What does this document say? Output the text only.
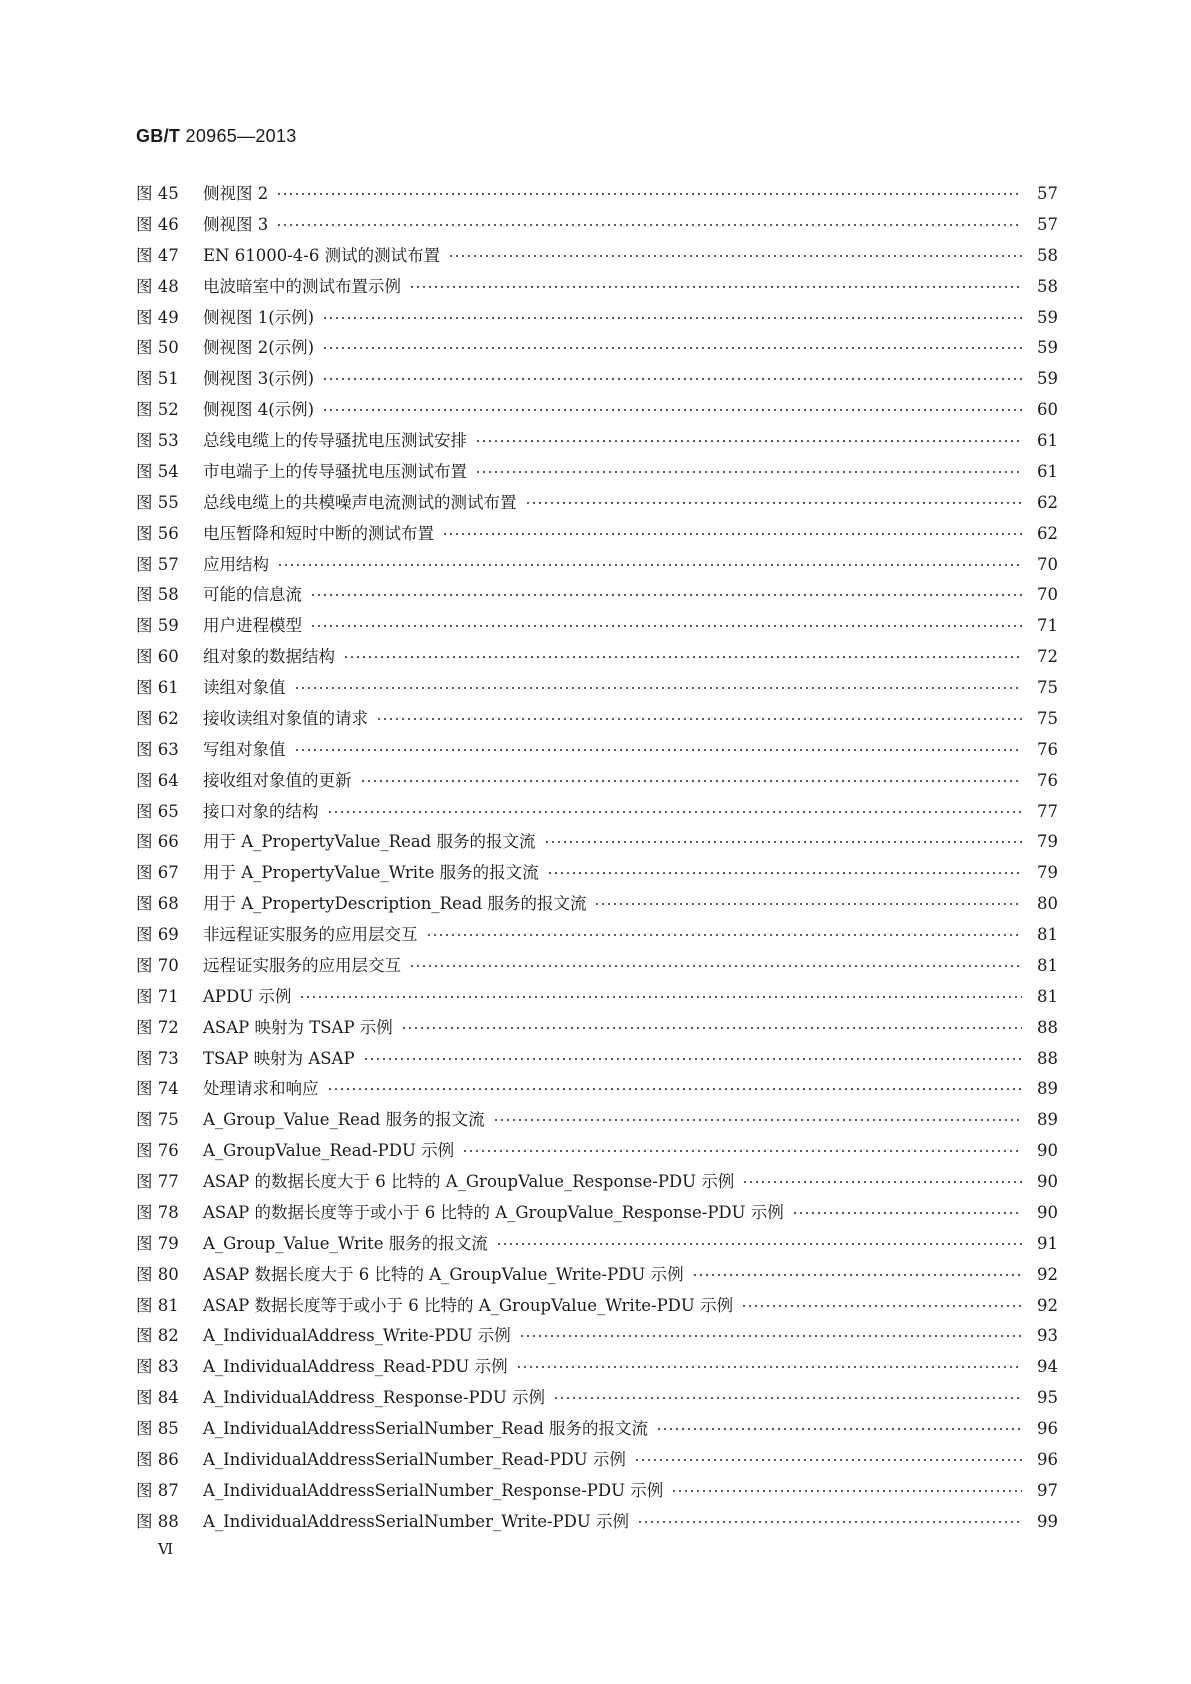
GB/T 20965—2013
图 45	侧视图 2	57
图 46	侧视图 3	57
图 47	EN 61000-4-6 测试的测试布置	58
图 48	电波暗室中的测试布置示例	58
图 49	侧视图 1(示例)	59
图 50	侧视图 2(示例)	59
图 51	侧视图 3(示例)	59
图 52	侧视图 4(示例)	60
图 53	总线电缆上的传导骚扰电压测试安排	61
图 54	市电端子上的传导骚扰电压测试布置	61
图 55	总线电缆上的共模噪声电流测试的测试布置	62
图 56	电压暂降和短时中断的测试布置	62
图 57	应用结构	70
图 58	可能的信息流	70
图 59	用户进程模型	71
图 60	组对象的数据结构	72
图 61	读组对象值	75
图 62	接收读组对象值的请求	75
图 63	写组对象值	76
图 64	接收组对象值的更新	76
图 65	接口对象的结构	77
图 66	用于 A_PropertyValue_Read 服务的报文流	79
图 67	用于 A_PropertyValue_Write 服务的报文流	79
图 68	用于 A_PropertyDescription_Read 服务的报文流	80
图 69	非远程证实服务的应用层交互	81
图 70	远程证实服务的应用层交互	81
图 71	APDU 示例	81
图 72	ASAP 映射为 TSAP 示例	88
图 73	TSAP 映射为 ASAP	88
图 74	处理请求和响应	89
图 75	A_Group_Value_Read 服务的报文流	89
图 76	A_GroupValue_Read-PDU 示例	90
图 77	ASAP 的数据长度大于 6 比特的 A_GroupValue_Response-PDU 示例	90
图 78	ASAP 的数据长度等于或小于 6 比特的 A_GroupValue_Response-PDU 示例	90
图 79	A_Group_Value_Write 服务的报文流	91
图 80	ASAP 数据长度大于 6 比特的 A_GroupValue_Write-PDU 示例	92
图 81	ASAP 数据长度等于或小于 6 比特的 A_GroupValue_Write-PDU 示例	92
图 82	A_IndividualAddress_Write-PDU 示例	93
图 83	A_IndividualAddress_Read-PDU 示例	94
图 84	A_IndividualAddress_Response-PDU 示例	95
图 85	A_IndividualAddressSerialNumber_Read 服务的报文流	96
图 86	A_IndividualAddressSerialNumber_Read-PDU 示例	96
图 87	A_IndividualAddressSerialNumber_Response-PDU 示例	97
图 88	A_IndividualAddressSerialNumber_Write-PDU 示例	99
Ⅵ
